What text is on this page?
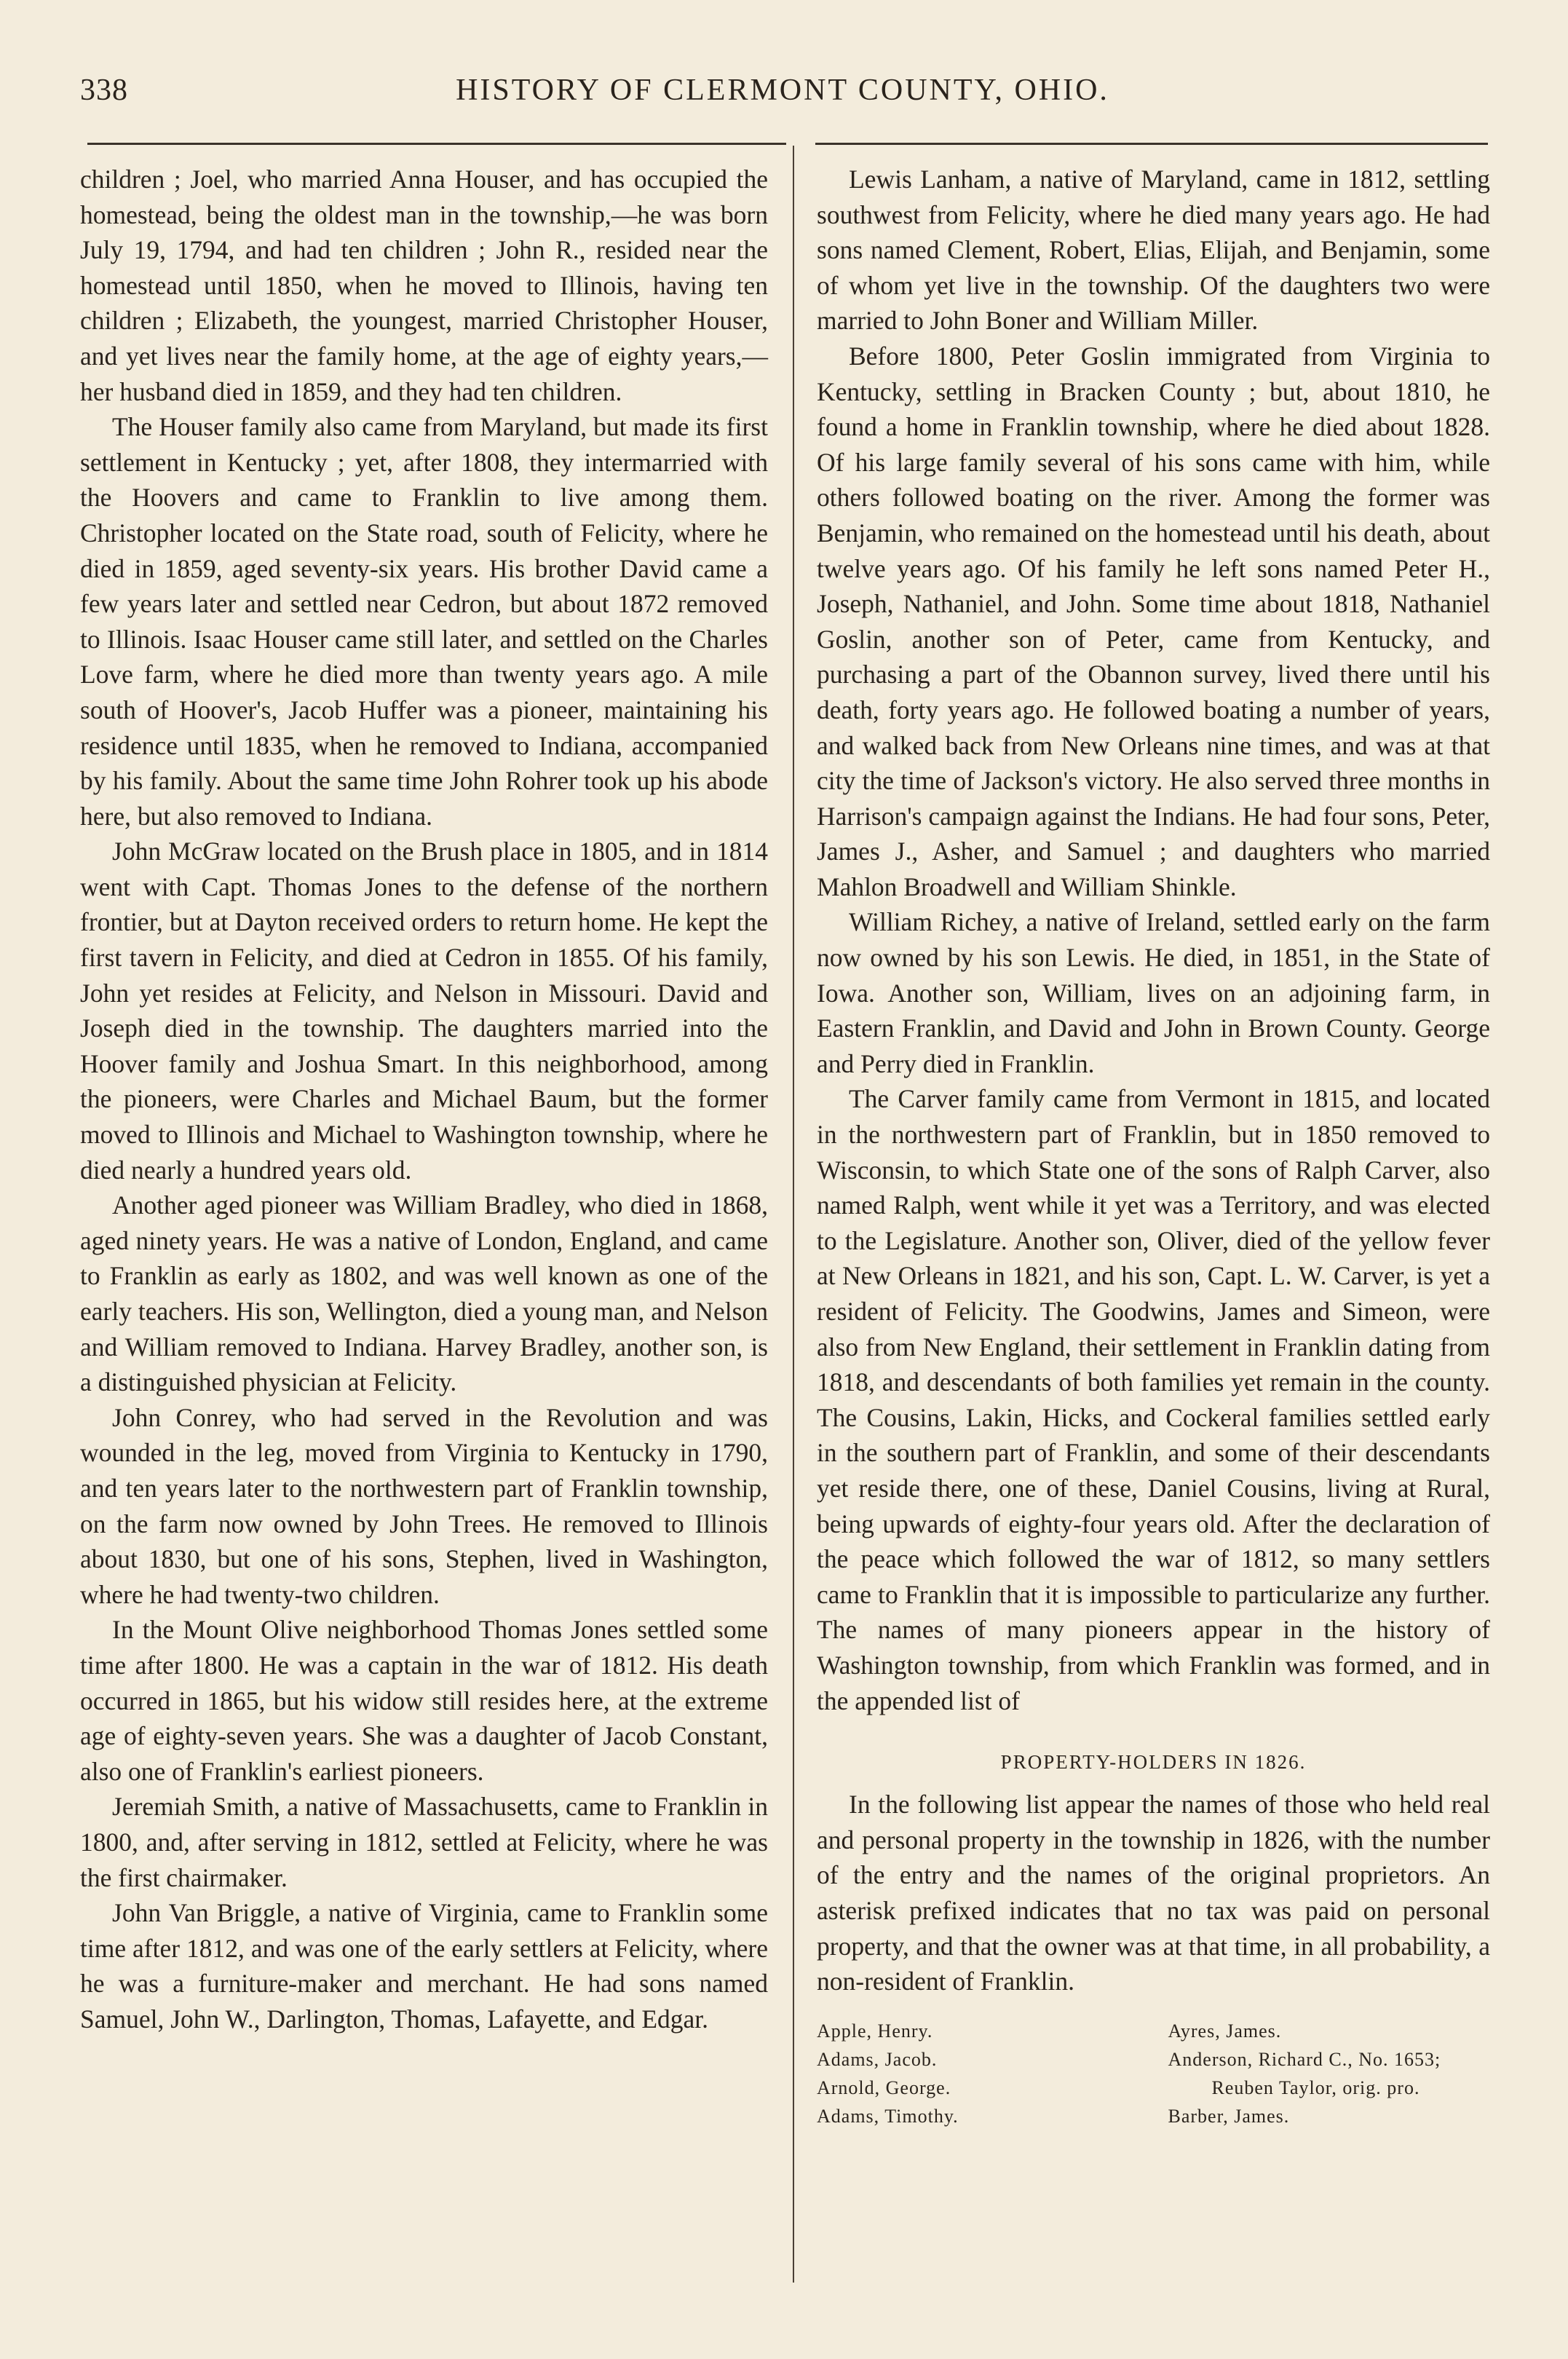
338	HISTORY OF CLERMONT COUNTY, OHIO.

children ; Joel, who married Anna Houser, and has occupied the homestead, being the oldest man in the township,—he was born July 19, 1794, and had ten children ; John R., resided near the homestead until 1850, when he moved to Illinois, having ten children ; Elizabeth, the youngest, married Christopher Houser, and yet lives near the family home, at the age of eighty years,—her husband died in 1859, and they had ten children.

The Houser family also came from Maryland, but made its first settlement in Kentucky ; yet, after 1808, they intermarried with the Hoovers and came to Franklin to live among them. Christopher located on the State road, south of Felicity, where he died in 1859, aged seventy-six years. His brother David came a few years later and settled near Cedron, but about 1872 removed to Illinois. Isaac Houser came still later, and settled on the Charles Love farm, where he died more than twenty years ago. A mile south of Hoover's, Jacob Huffer was a pioneer, maintaining his residence until 1835, when he removed to Indiana, accompanied by his family. About the same time John Rohrer took up his abode here, but also removed to Indiana.

John McGraw located on the Brush place in 1805, and in 1814 went with Capt. Thomas Jones to the defense of the northern frontier, but at Dayton received orders to return home. He kept the first tavern in Felicity, and died at Cedron in 1855. Of his family, John yet resides at Felicity, and Nelson in Missouri. David and Joseph died in the township. The daughters married into the Hoover family and Joshua Smart. In this neighborhood, among the pioneers, were Charles and Michael Baum, but the former moved to Illinois and Michael to Washington township, where he died nearly a hundred years old.

Another aged pioneer was William Bradley, who died in 1868, aged ninety years. He was a native of London, England, and came to Franklin as early as 1802, and was well known as one of the early teachers. His son, Wellington, died a young man, and Nelson and William removed to Indiana. Harvey Bradley, another son, is a distinguished physician at Felicity.

John Conrey, who had served in the Revolution and was wounded in the leg, moved from Virginia to Kentucky in 1790, and ten years later to the northwestern part of Franklin township, on the farm now owned by John Trees. He removed to Illinois about 1830, but one of his sons, Stephen, lived in Washington, where he had twenty-two children.

In the Mount Olive neighborhood Thomas Jones settled some time after 1800. He was a captain in the war of 1812. His death occurred in 1865, but his widow still resides here, at the extreme age of eighty-seven years. She was a daughter of Jacob Constant, also one of Franklin's earliest pioneers.

Jeremiah Smith, a native of Massachusetts, came to Franklin in 1800, and, after serving in 1812, settled at Felicity, where he was the first chairmaker.

John Van Briggle, a native of Virginia, came to Franklin some time after 1812, and was one of the early settlers at Felicity, where he was a furniture-maker and merchant. He had sons named Samuel, John W., Darlington, Thomas, Lafayette, and Edgar.

Lewis Lanham, a native of Maryland, came in 1812, settling southwest from Felicity, where he died many years ago. He had sons named Clement, Robert, Elias, Elijah, and Benjamin, some of whom yet live in the township. Of the daughters two were married to John Boner and William Miller.

Before 1800, Peter Goslin immigrated from Virginia to Kentucky, settling in Bracken County ; but, about 1810, he found a home in Franklin township, where he died about 1828. Of his large family several of his sons came with him, while others followed boating on the river. Among the former was Benjamin, who remained on the homestead until his death, about twelve years ago. Of his family he left sons named Peter H., Joseph, Nathaniel, and John. Some time about 1818, Nathaniel Goslin, another son of Peter, came from Kentucky, and purchasing a part of the Obannon survey, lived there until his death, forty years ago. He followed boating a number of years, and walked back from New Orleans nine times, and was at that city the time of Jackson's victory. He also served three months in Harrison's campaign against the Indians. He had four sons, Peter, James J., Asher, and Samuel ; and daughters who married Mahlon Broadwell and William Shinkle.

William Richey, a native of Ireland, settled early on the farm now owned by his son Lewis. He died, in 1851, in the State of Iowa. Another son, William, lives on an adjoining farm, in Eastern Franklin, and David and John in Brown County. George and Perry died in Franklin.

The Carver family came from Vermont in 1815, and located in the northwestern part of Franklin, but in 1850 removed to Wisconsin, to which State one of the sons of Ralph Carver, also named Ralph, went while it yet was a Territory, and was elected to the Legislature. Another son, Oliver, died of the yellow fever at New Orleans in 1821, and his son, Capt. L. W. Carver, is yet a resident of Felicity. The Goodwins, James and Simeon, were also from New England, their settlement in Franklin dating from 1818, and descendants of both families yet remain in the county. The Cousins, Lakin, Hicks, and Cockeral families settled early in the southern part of Franklin, and some of their descendants yet reside there, one of these, Daniel Cousins, living at Rural, being upwards of eighty-four years old. After the declaration of the peace which followed the war of 1812, so many settlers came to Franklin that it is impossible to particularize any further. The names of many pioneers appear in the history of Washington township, from which Franklin was formed, and in the appended list of

PROPERTY-HOLDERS IN 1826.

In the following list appear the names of those who held real and personal property in the township in 1826, with the number of the entry and the names of the original proprietors. An asterisk prefixed indicates that no tax was paid on personal property, and that the owner was at that time, in all probability, a non-resident of Franklin.

Apple, Henry.
Adams, Jacob.
Arnold, George.
Adams, Timothy.
Ayres, James.
Anderson, Richard C., No. 1653;
Reuben Taylor, orig. pro.
Barber, James.
